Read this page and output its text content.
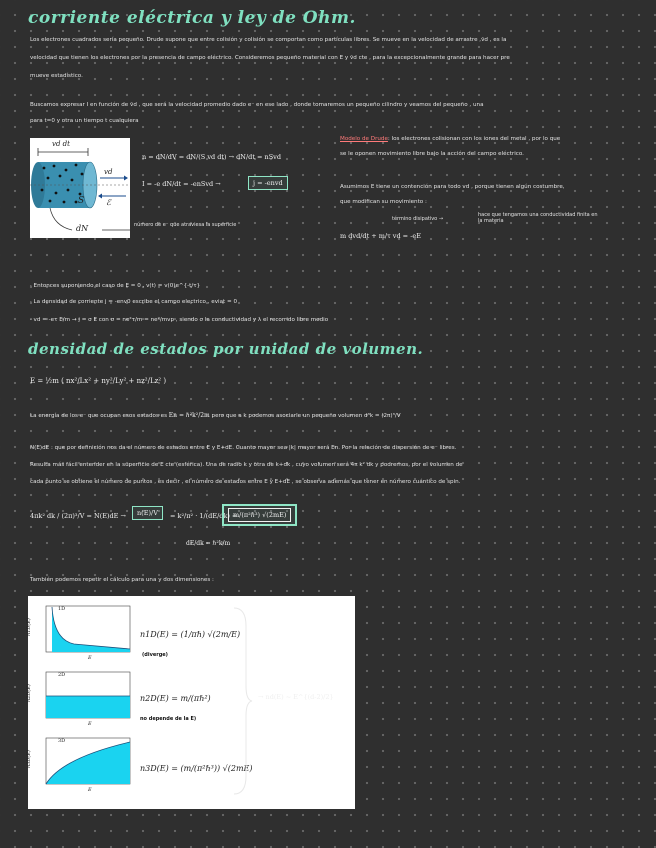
corriente eléctrica y ley de Ohm.
Los electrones cuadrados sería pequeño. Drude supone que entre colisión y colisión se comportan como partículas libres. Se mueve en la velocidad de arrastre ,v̄d , es la
velocidad que tienen los electrones por la presencia de campo eléctrico. Consideremos pequeño material con E y v̄d cte , para la excepcionalmente grande para hacer pre
mueve estadístico.
Buscamos expresar I en función de v̄d , que será la velocidad promedio dado e⁻ en ese lado , donde tomaremos un pequeño cilindro y veamos del pequeño , una
para t=0 y otra un tiempo t cualquiera
vd dt
vd
S	ℰ
dN	número de e⁻ que atraviesa la superficie
n = dN/dV = dN/(S vd dt) → dN/dt = nSvd
I = -e dN/dt = -enSvd →	j = -envd
Modelo de Drude: los electrones colisionan con los iones del metal , por lo que
se le oponen movimiento libre bajo la acción del campo eléctrico.
Asumimos E tiene un contención para todo vd , porque tienen algún costumbre,
que modifican su movimiento :
término disipativo →
hace que tengamos una conductividad finita en la materia
m dvd/dt + m/τ vd = -eE
· Entonces suponiendo el caso de E = 0 , v(t) = v(0)e^{-t/τ}
· La densidad de corriente j = -env0 escribe el campo electrico , eviat = 0
· vd = -eτ E/m → j = σ E con σ = ne²τ/m = ne²/mvp , siendo σ la conductividad y λ el recorrido libre medio
densidad de estados por unidad de volumen.
E = ½m ( nx²/Lx² + ny²/Ly² + nz²/Lz² )
La energía de los e⁻ que ocupan esos estados es En = ℏ²k²/2m pero que a k podemos asociarle un pequeño volumen d³k = (2π)³/V
N(E)dE : que por definición nos da el número de estados entre E y E+dE. Cuanto mayor sea |k| mayor será En. Por la relación de dispersión de e⁻ libres.
Resulta más fácil entender en la superficie de E cte (esférica). Una de radio k y otra de k+dk , cuyo volumen será 4π k² dk y podremos, por el volumen de
cada punto se obtiene el número de puntos , es decir , el número de estados entre E y E+dE , se observa además que tener en número cuántico de spin.
4πk² dk / (2π)³/V = N(E)dE →	n(E)/V	= k²/π² · 1/(dE/dk) =
m/(π²ℏ³) √(2mE)
dE/dk = ℏ²k/m
También podemos repetir el cálculo para una y dos dimensiones :
1D
n1D(E)
E
n1D(E) = (1/πℏ) √(2m/E)
(diverge)
2D
n2D(E)
E
n2D(E) = m/(πℏ²)
no depende de la E)
3D
n3D(E)
E
n3D(E) = (m/(π²ℏ³)) √(2mE)
→ nd(E) ~ E^{(d-2)/2}
